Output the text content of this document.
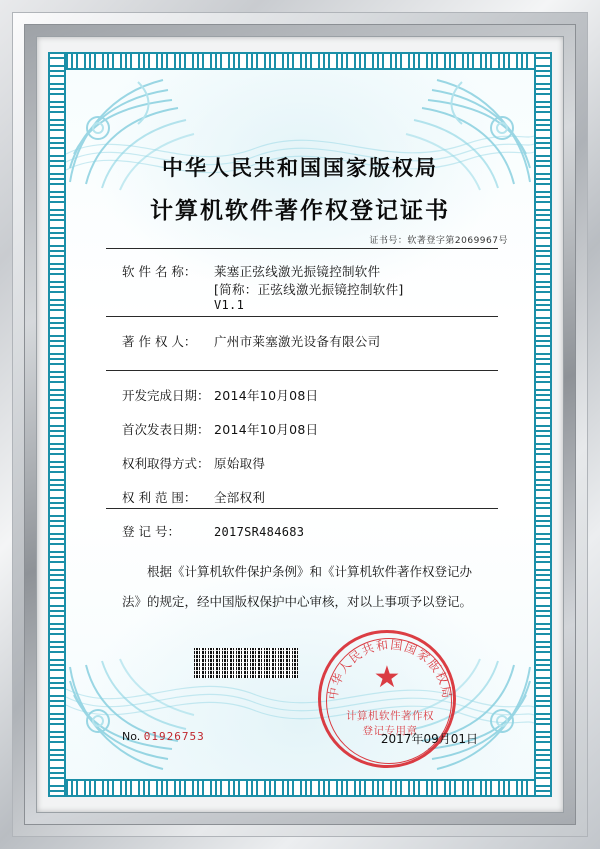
中华人民共和国国家版权局
计算机软件著作权登记证书
证书号：软著登字第2069967号
软 件 名 称： 莱塞正弦线激光振镜控制软件
[简称：正弦线激光振镜控制软件]
V1.1
著 作 权 人： 广州市莱塞激光设备有限公司
开发完成日期： 2014年10月08日
首次发表日期： 2014年10月08日
权利取得方式： 原始取得
权 利 范 围： 全部权利
登 记 号：	2017SR484683
根据《计算机软件保护条例》和《计算机软件著作权登记办法》的规定，经中国版权保护中心审核，对以上事项予以登记。
中华人民共和国国家版权局
★
计算机软件著作权
登记专用章
No. 01926753	2017年09月01日
